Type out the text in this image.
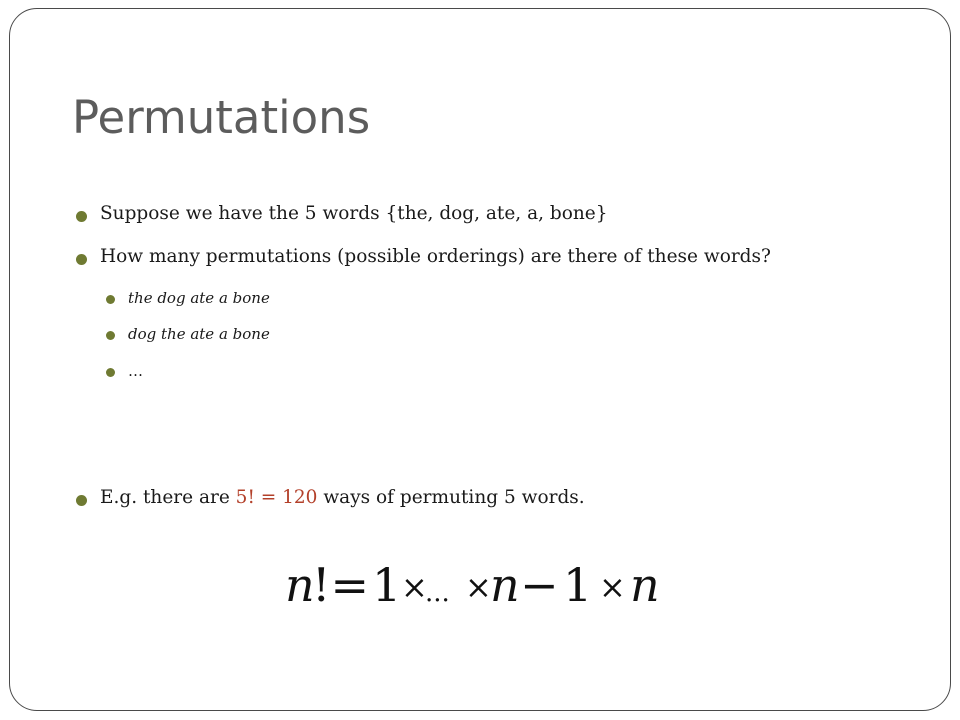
Permutations
Suppose we have the 5 words {the, dog, ate, a, bone}
How many permutations (possible orderings) are there of these words?
the dog ate a bone
dog the ate a bone
…
E.g. there are 5! = 120 ways of permuting 5 words.
n
!= 1 ×
... ×
n − 1 × n
